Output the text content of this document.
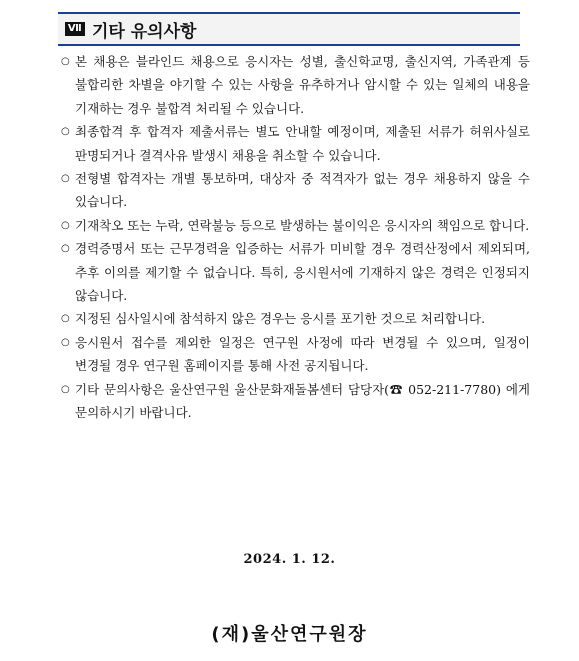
Ⅶ 기타 유의사항
○ 본 채용은 블라인드 채용으로 응시자는 성별, 출신학교명, 출신지역, 가족관계 등 불합리한 차별을 야기할 수 있는 사항을 유추하거나 암시할 수 있는 일체의 내용을 기재하는 경우 불합격 처리될 수 있습니다.
○ 최종합격 후 합격자 제출서류는 별도 안내할 예정이며, 제출된 서류가 허위사실로 판명되거나 결격사유 발생시 채용을 취소할 수 있습니다.
○ 전형별 합격자는 개별 통보하며, 대상자 중 적격자가 없는 경우 채용하지 않을 수 있습니다.
○ 기재착오 또는 누락, 연락불능 등으로 발생하는 불이익은 응시자의 책임으로 합니다.
○ 경력증명서 또는 근무경력을 입증하는 서류가 미비할 경우 경력산정에서 제외되며, 추후 이의를 제기할 수 없습니다. 특히, 응시원서에 기재하지 않은 경력은 인정되지 않습니다.
○ 지정된 심사일시에 참석하지 않은 경우는 응시를 포기한 것으로 처리합니다.
○ 응시원서 접수를 제외한 일정은 연구원 사정에 따라 변경될 수 있으며, 일정이 변경될 경우 연구원 홈페이지를 통해 사전 공지됩니다.
○ 기타 문의사항은 울산연구원 울산문화재돌봄센터 담당자(☎ 052-211-7780) 에게 문의하시기 바랍니다.
2024. 1. 12.
(재)울산연구원장
